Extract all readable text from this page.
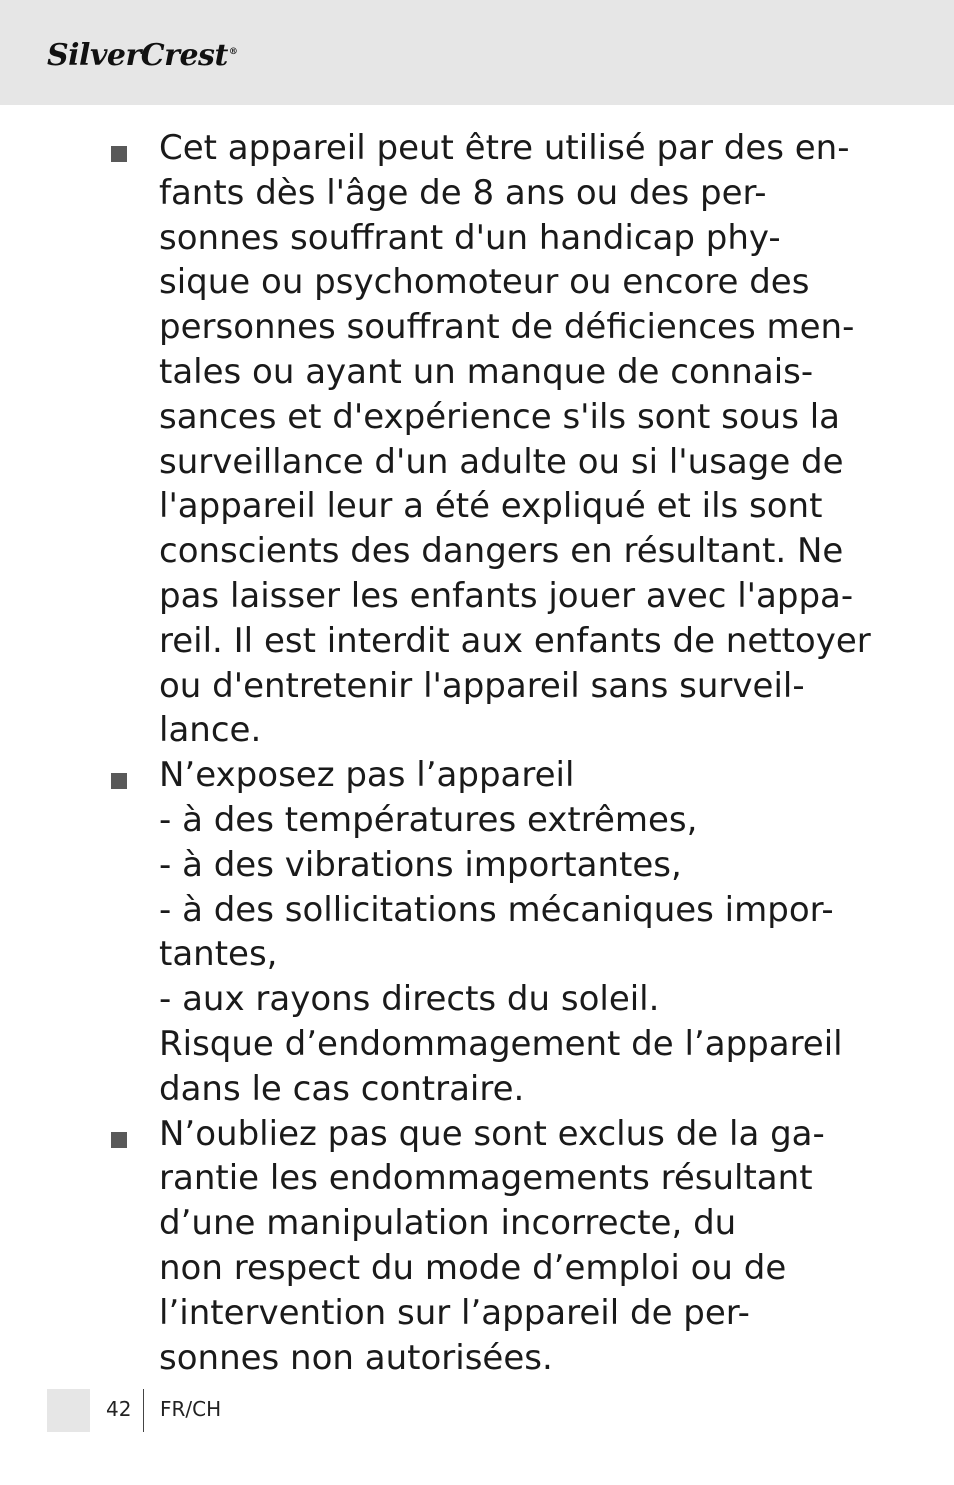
SilverCrest®
Cet appareil peut être utilisé par des en-
fants dès l'âge de 8 ans ou des per-
sonnes souffrant d'un handicap phy-
sique ou psychomoteur ou encore des
personnes souffrant de déficiences men-
tales ou ayant un manque de connais-
sances et d'expérience s'ils sont sous la
surveillance d'un adulte ou si l'usage de
l'appareil leur a été expliqué et ils sont
conscients des dangers en résultant. Ne
pas laisser les enfants jouer avec l'appa-
reil. Il est interdit aux enfants de nettoyer
ou d'entretenir l'appareil sans surveil-
lance.
N’exposez pas l’appareil
- à des températures extrêmes,
- à des vibrations importantes,
- à des sollicitations mécaniques impor-
tantes,
- aux rayons directs du soleil.
Risque d’endommagement de l’appareil
dans le cas contraire.
N’oubliez pas que sont exclus de la ga-
rantie les endommagements résultant
d’une manipulation incorrecte, du
non respect du mode d’emploi ou de
l’intervention sur l’appareil de per-
sonnes non autorisées.
42 FR/CH
